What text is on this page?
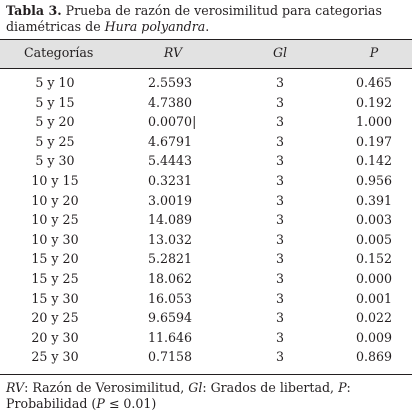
Tabla 3. Prueba de razón de verosimilitud para categorias diamétricas de Hura polyandra.
Categorías	RV	Gl	P
5 y 10	2.5593	3	0.465
5 y 15	4.7380	3	0.192
5 y 20	0.0070|	3	1.000
5 y 25	4.6791	3	0.197
5 y 30	5.4443	3	0.142
10 y 15	0.3231	3	0.956
10 y 20	3.0019	3	0.391
10 y 25	14.089	3	0.003
10 y 30	13.032	3	0.005
15 y 20	5.2821	3	0.152
15 y 25	18.062	3	0.000
15 y 30	16.053	3	0.001
20 y 25	9.6594	3	0.022
20 y 30	11.646	3	0.009
25 y 30	0.7158	3	0.869
RV: Razón de Verosimilitud, Gl: Grados de libertad, P: Probabilidad (P ≤ 0.01)
